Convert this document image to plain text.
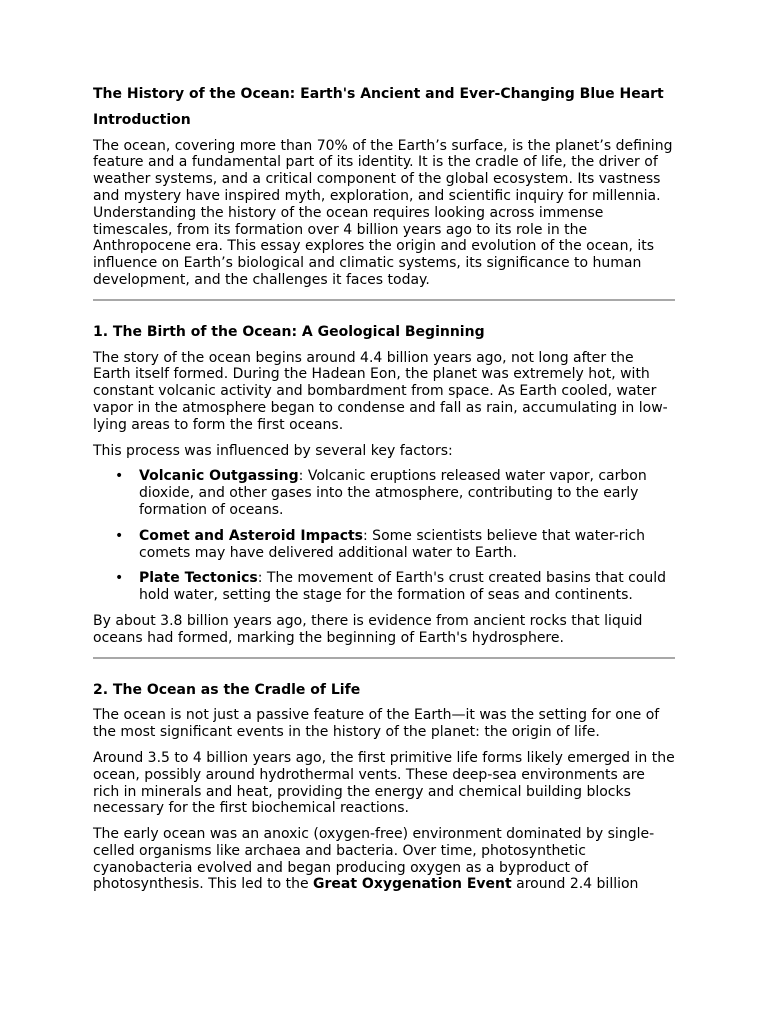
The History of the Ocean: Earth's Ancient and Ever-Changing Blue Heart
Introduction
The ocean, covering more than 70% of the Earth’s surface, is the planet’s defining feature and a fundamental part of its identity. It is the cradle of life, the driver of weather systems, and a critical component of the global ecosystem. Its vastness and mystery have inspired myth, exploration, and scientific inquiry for millennia. Understanding the history of the ocean requires looking across immense timescales, from its formation over 4 billion years ago to its role in the Anthropocene era. This essay explores the origin and evolution of the ocean, its influence on Earth’s biological and climatic systems, its significance to human development, and the challenges it faces today.
1. The Birth of the Ocean: A Geological Beginning
The story of the ocean begins around 4.4 billion years ago, not long after the Earth itself formed. During the Hadean Eon, the planet was extremely hot, with constant volcanic activity and bombardment from space. As Earth cooled, water vapor in the atmosphere began to condense and fall as rain, accumulating in low-lying areas to form the first oceans.
This process was influenced by several key factors:
• Volcanic Outgassing: Volcanic eruptions released water vapor, carbon dioxide, and other gases into the atmosphere, contributing to the early formation of oceans.
• Comet and Asteroid Impacts: Some scientists believe that water-rich comets may have delivered additional water to Earth.
• Plate Tectonics: The movement of Earth's crust created basins that could hold water, setting the stage for the formation of seas and continents.
By about 3.8 billion years ago, there is evidence from ancient rocks that liquid oceans had formed, marking the beginning of Earth's hydrosphere.
2. The Ocean as the Cradle of Life
The ocean is not just a passive feature of the Earth—it was the setting for one of the most significant events in the history of the planet: the origin of life.
Around 3.5 to 4 billion years ago, the first primitive life forms likely emerged in the ocean, possibly around hydrothermal vents. These deep-sea environments are rich in minerals and heat, providing the energy and chemical building blocks necessary for the first biochemical reactions.
The early ocean was an anoxic (oxygen-free) environment dominated by single-celled organisms like archaea and bacteria. Over time, photosynthetic cyanobacteria evolved and began producing oxygen as a byproduct of photosynthesis. This led to the Great Oxygenation Event around 2.4 billion
